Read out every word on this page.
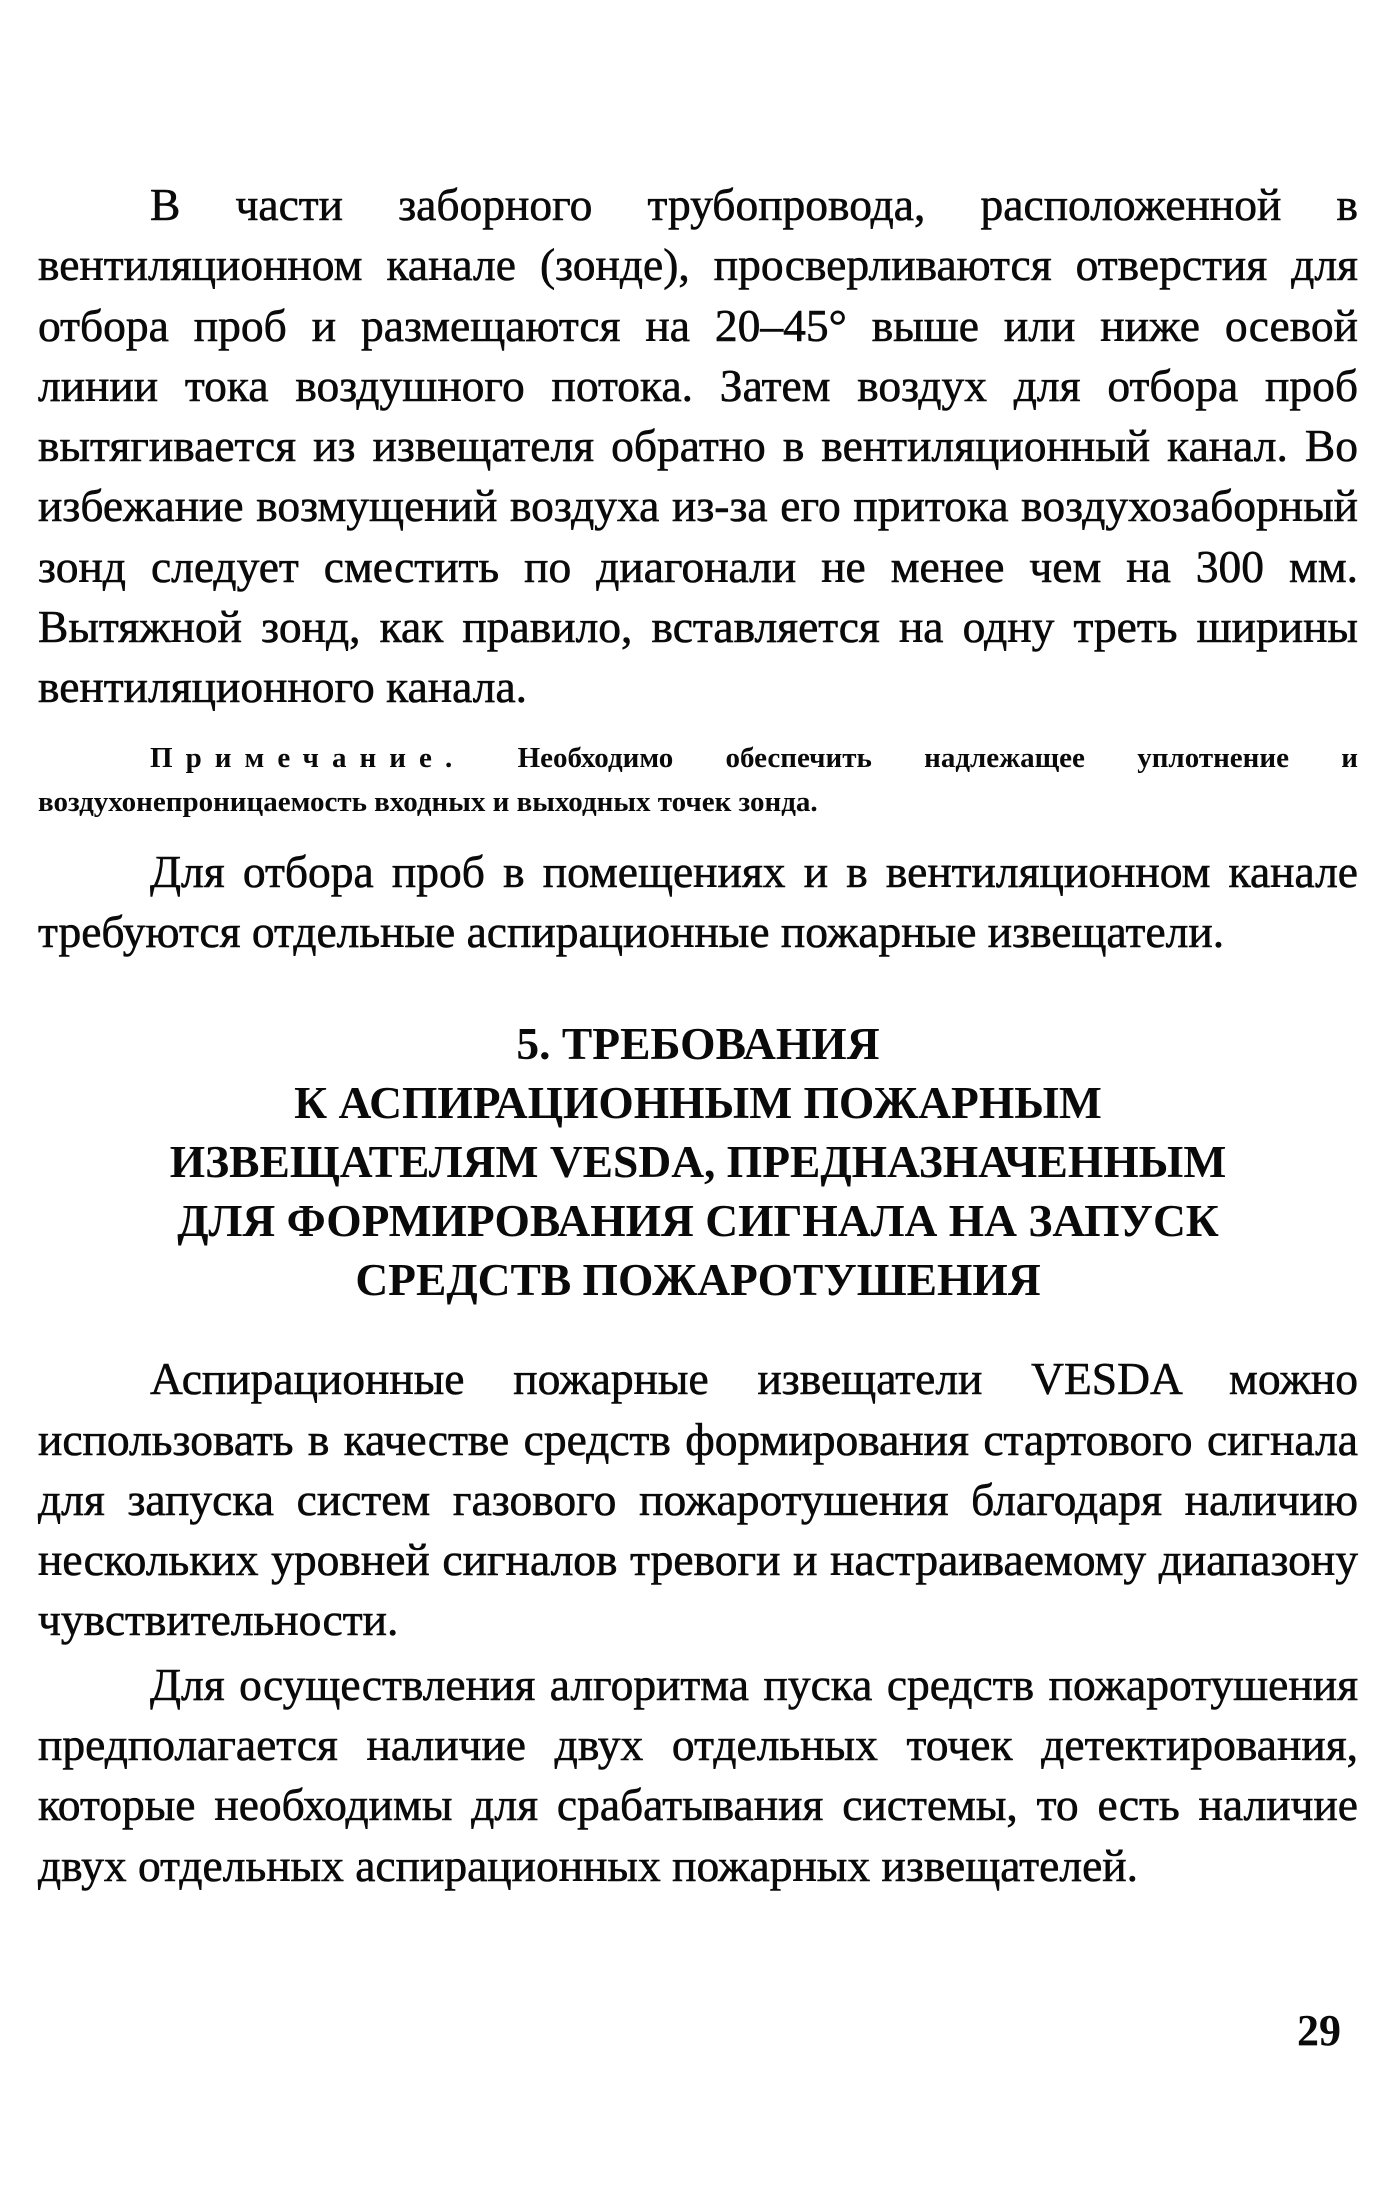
В части заборного трубопровода, расположенной в вентиляционном канале (зонде), просверливаются отверстия для отбора проб и размещаются на 20–45° выше или ниже осевой линии тока воздушного потока. Затем воздух для отбора проб вытягивается из извещателя обратно в вентиляционный канал. Во избежание возмущений воздуха из-за его притока воздухозаборный зонд следует сместить по диагонали не менее чем на 300 мм. Вытяжной зонд, как правило, вставляется на одну треть ширины вентиляционного канала.

Примечание. Необходимо обеспечить надлежащее уплотнение и воздухонепроницаемость входных и выходных точек зонда.

Для отбора проб в помещениях и в вентиляционном канале требуются отдельные аспирационные пожарные извещатели.

5. ТРЕБОВАНИЯ
К АСПИРАЦИОННЫМ ПОЖАРНЫМ
ИЗВЕЩАТЕЛЯМ VESDA, ПРЕДНАЗНАЧЕННЫМ
ДЛЯ ФОРМИРОВАНИЯ СИГНАЛА НА ЗАПУСК
СРЕДСТВ ПОЖАРОТУШЕНИЯ

Аспирационные пожарные извещатели VESDA можно использовать в качестве средств формирования стартового сигнала для запуска систем газового пожаротушения благодаря наличию нескольких уровней сигналов тревоги и настраиваемому диапазону чувствительности.

Для осуществления алгоритма пуска средств пожаротушения предполагается наличие двух отдельных точек детектирования, которые необходимы для срабатывания системы, то есть наличие двух отдельных аспирационных пожарных извещателей.

29
